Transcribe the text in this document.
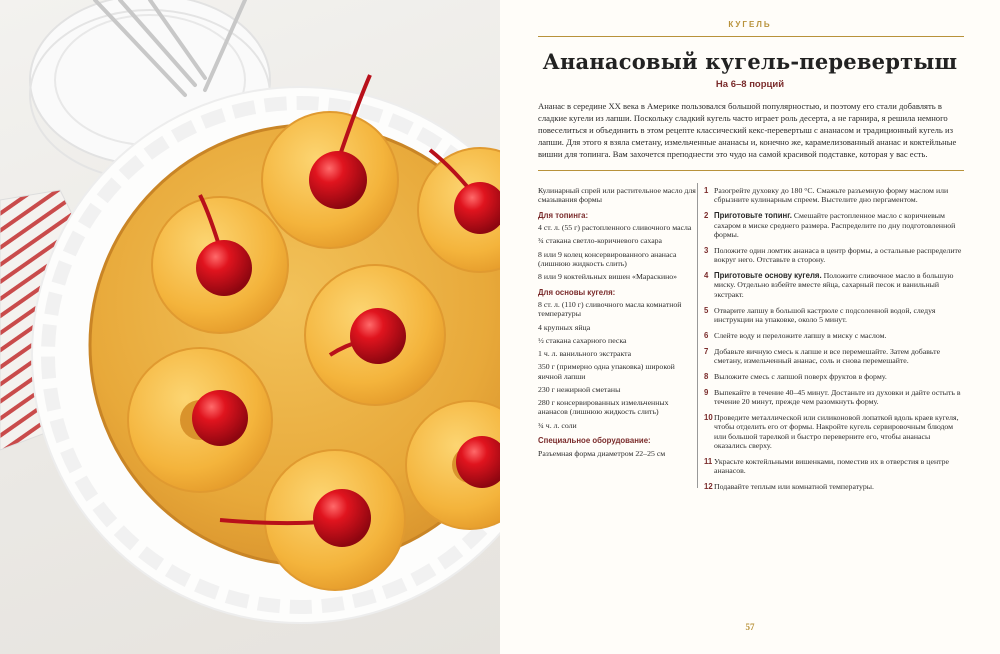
КУГЕЛЬ
Ананасовый кугель-перевертыш
На 6–8 порций

Ананас в середине XX века в Америке пользовался большой популярностью, и поэтому его стали добавлять в сладкие кугели из лапши. Поскольку сладкий кугель часто играет роль десерта, а не гарнира, я решила немного повеселиться и объединить в этом рецепте классический кекс-перевертыш с ананасом и традиционный кугель из лапши. Для этого я взяла сметану, измельченные ананасы и, конечно же, карамелизованный ананас и коктейльные вишни для топинга. Вам захочется преподнести это чудо на самой красивой подставке, которая у вас есть.

Кулинарный спрей или растительное масло для смазывания формы

Для топинга:

4 ст. л. (55 г) растопленного сливочного масла

¾ стакана светло-коричневого сахара

8 или 9 колец консервированного ананаса (лишнюю жидкость слить)

8 или 9 коктейльных вишен «Мараскино»

Для основы кугеля:

8 ст. л. (110 г) сливочного масла комнатной температуры

4 крупных яйца

½ стакана сахарного песка

1 ч. л. ванильного экстракта

350 г (примерно одна упаковка) широкой яичной лапши

230 г нежирной сметаны

280 г консервированных измельченных ананасов (лишнюю жидкость слить)

¾ ч. л. соли

Специальное оборудование:

Разъемная форма диаметром 22–25 см

1 Разогрейте духовку до 180 °C. Смажьте разъемную форму маслом или сбрызните кулинарным спреем. Выстелите дно пергаментом.
2 Приготовьте топинг. Смешайте растопленное масло с коричневым сахаром в миске среднего размера. Распределите по дну подготовленной формы.
3 Положите один ломтик ананаса в центр формы, а остальные распределите вокруг него. Отставьте в сторону.
4 Приготовьте основу кугеля. Положите сливочное масло в большую миску. Отдельно взбейте вместе яйца, сахарный песок и ванильный экстракт.
5 Отварите лапшу в большой кастрюле с подсоленной водой, следуя инструкции на упаковке, около 5 минут.
6 Слейте воду и переложите лапшу в миску с маслом.
7 Добавьте яичную смесь к лапше и все перемешайте. Затем добавьте сметану, измельченный ананас, соль и снова перемешайте.
8 Выложите смесь с лапшой поверх фруктов в форму.
9 Выпекайте в течение 40–45 минут. Достаньте из духовки и дайте остыть в течение 20 минут, прежде чем разомкнуть форму.
10 Проведите металлической или силиконовой лопаткой вдоль краев кугеля, чтобы отделить его от формы. Накройте кугель сервировочным блюдом или большой тарелкой и быстро переверните его, чтобы ананасы оказались сверху.
11 Украсьте коктейльными вишенками, поместив их в отверстия в центре ананасов.
12 Подавайте теплым или комнатной температуры.
57
